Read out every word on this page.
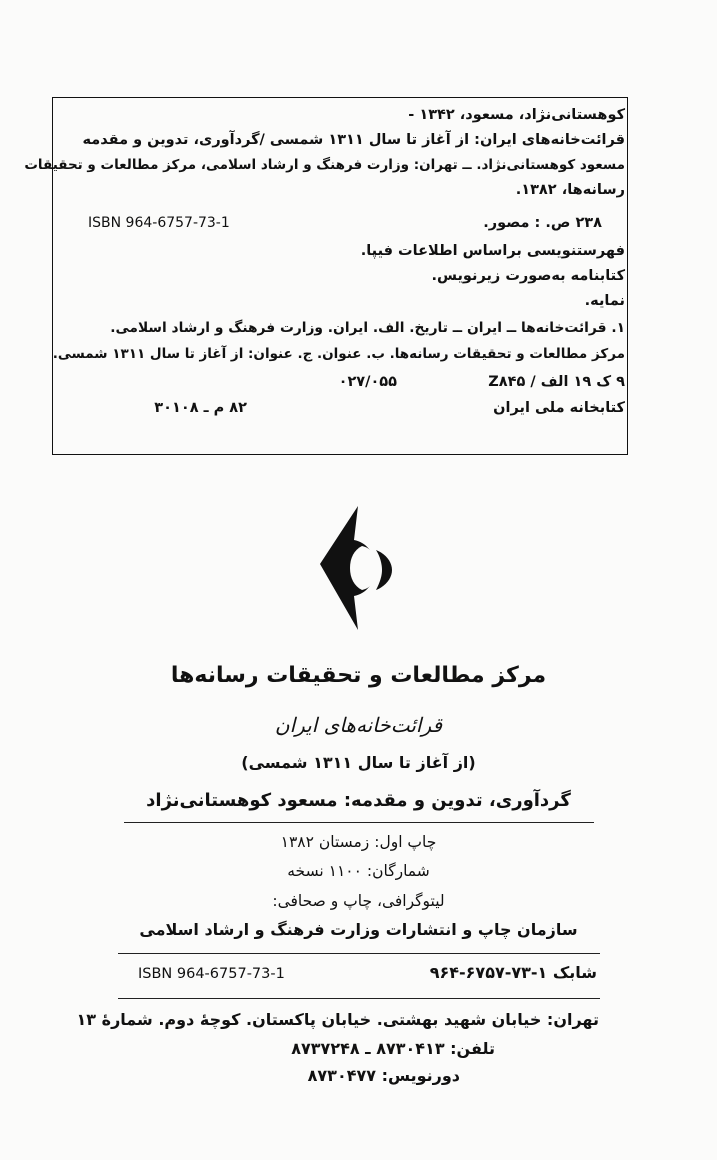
کوهستانی‌نژاد، مسعود، ۱۳۴۲ -
قرائت‌خانه‌های ایران: از آغاز تا سال ۱۳۱۱ شمسی /گردآوری، تدوین و مقدمه
مسعود کوهستانی‌نژاد. ــ تهران: وزارت فرهنگ و ارشاد اسلامی، مرکز مطالعات و تحقیقات
رسانه‌ها، ۱۳۸۲.
ISBN 964-6757-73-1	۲۳۸ ص. : مصور.
فهرستنویسی براساس اطلاعات فیپا.
کتابنامه به‌صورت زیرنویس.
نمایه.
۱. قرائت‌خانه‌ها ــ ایران ــ تاریخ. الف. ایران. وزارت فرهنگ و ارشاد اسلامی.
مرکز مطالعات و تحقیقات رسانه‌ها. ب. عنوان. ج. عنوان: از آغاز تا سال ۱۳۱۱ شمسی.
۹ ک ۱۹ الف / Z۸۴۵
۰۲۷/۰۵۵
کتابخانه ملی ایران
۸۲ م ـ ۳۰۱۰۸
مرکز مطالعات و تحقیقات رسانه‌ها
قرائت‌خانه‌های ایران
(از آغاز تا سال ۱۳۱۱ شمسی)
گردآوری، تدوین و مقدمه: مسعود کوهستانی‌نژاد
چاپ اول: زمستان ۱۳۸۲
شمارگان: ۱۱۰۰ نسخه
لیتوگرافی، چاپ و صحافی:
سازمان چاپ و انتشارات وزارت فرهنگ و ارشاد اسلامی
شابک ۱-۷۳-۶۷۵۷-۹۶۴
ISBN 964-6757-73-1
تهران: خیابان شهید بهشتی. خیابان پاکستان. کوچهٔ دوم. شمارهٔ ۱۳
تلفن: ۸۷۳۰۴۱۳ ـ ۸۷۳۷۲۴۸
دورنویس: ۸۷۳۰۴۷۷
